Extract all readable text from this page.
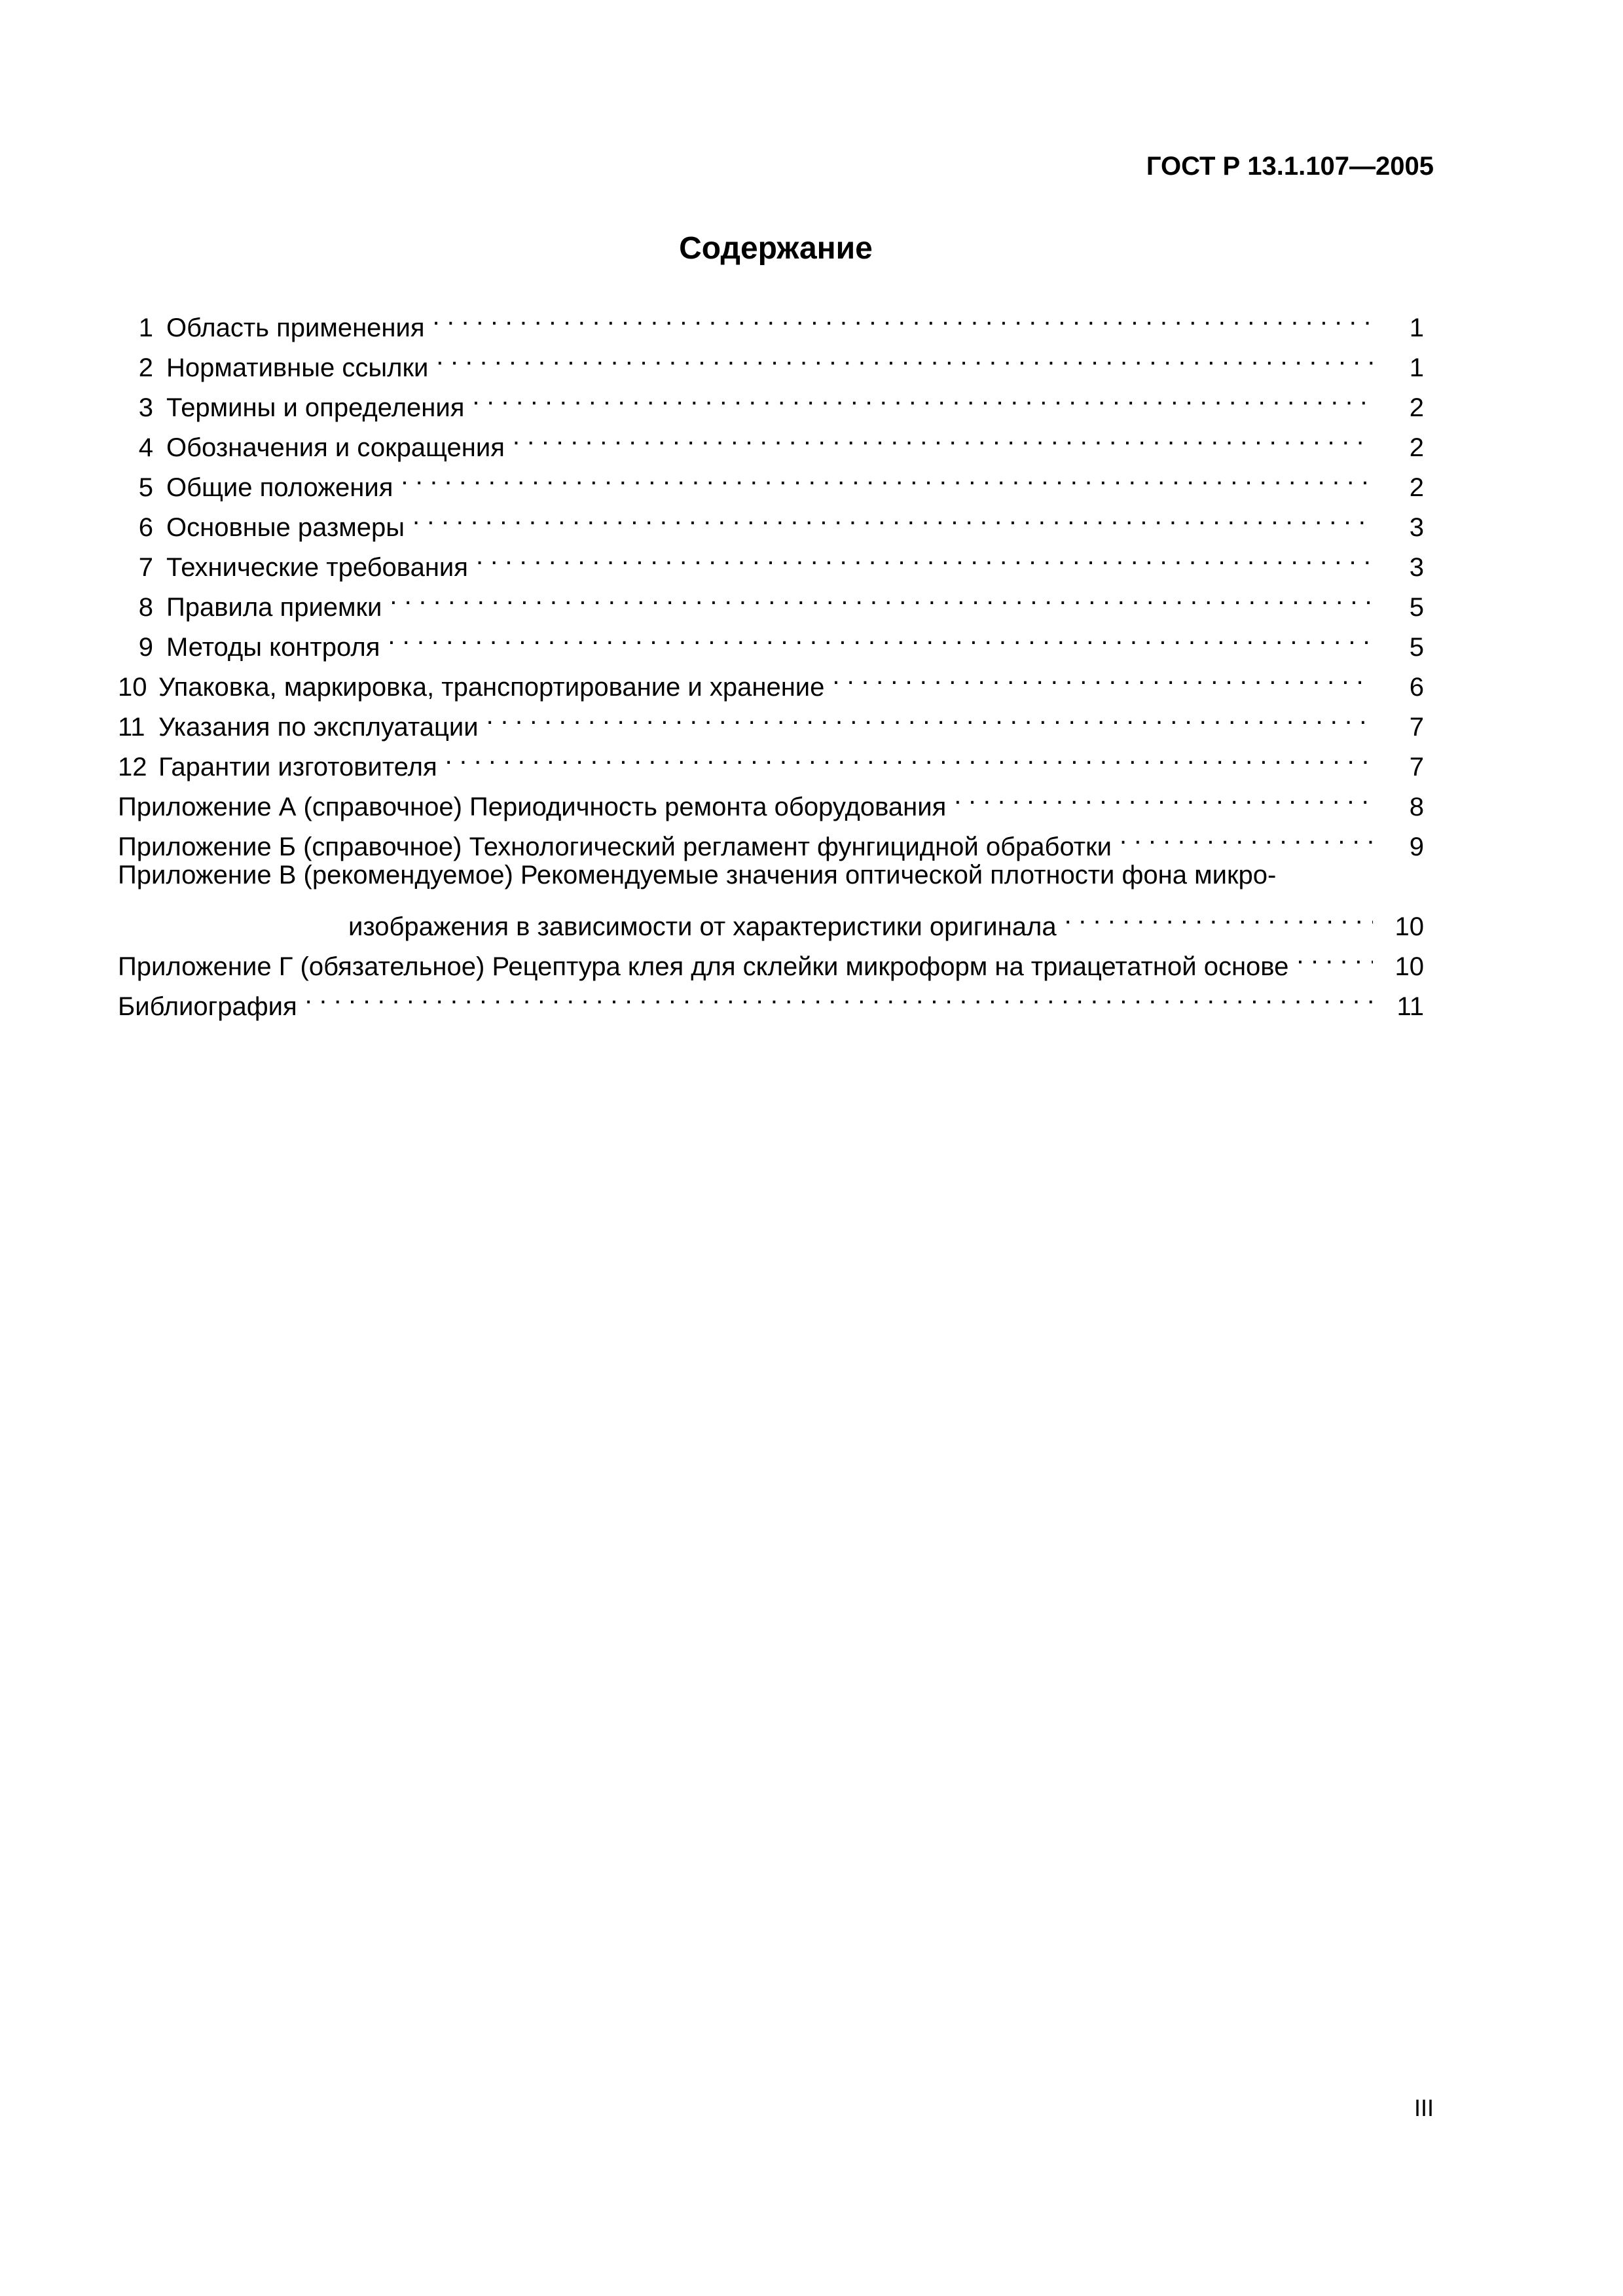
ГОСТ Р 13.1.107—2005
Содержание
1 Область применения . . .	1
2 Нормативные ссылки . . .	1
3 Термины и определения . . .	2
4 Обозначения и сокращения . . .	2
5 Общие положения . . .	2
6 Основные размеры . . .	3
7 Технические требования . . .	3
8 Правила приемки . . .	5
9 Методы контроля . . .	5
10 Упаковка, маркировка, транспортирование и хранение . . .	6
11 Указания по эксплуатации . . .	7
12 Гарантии изготовителя . . .	7
Приложение А (справочное) Периодичность ремонта оборудования . . .	8
Приложение Б (справочное) Технологический регламент фунгицидной обработки . . .	9
Приложение В (рекомендуемое) Рекомендуемые значения оптической плотности фона микро-
изображения в зависимости от характеристики оригинала . . .	10
Приложение Г (обязательное) Рецептура клея для склейки микроформ на триацетатной основе . . .	10
Библиография . . .	11
III
